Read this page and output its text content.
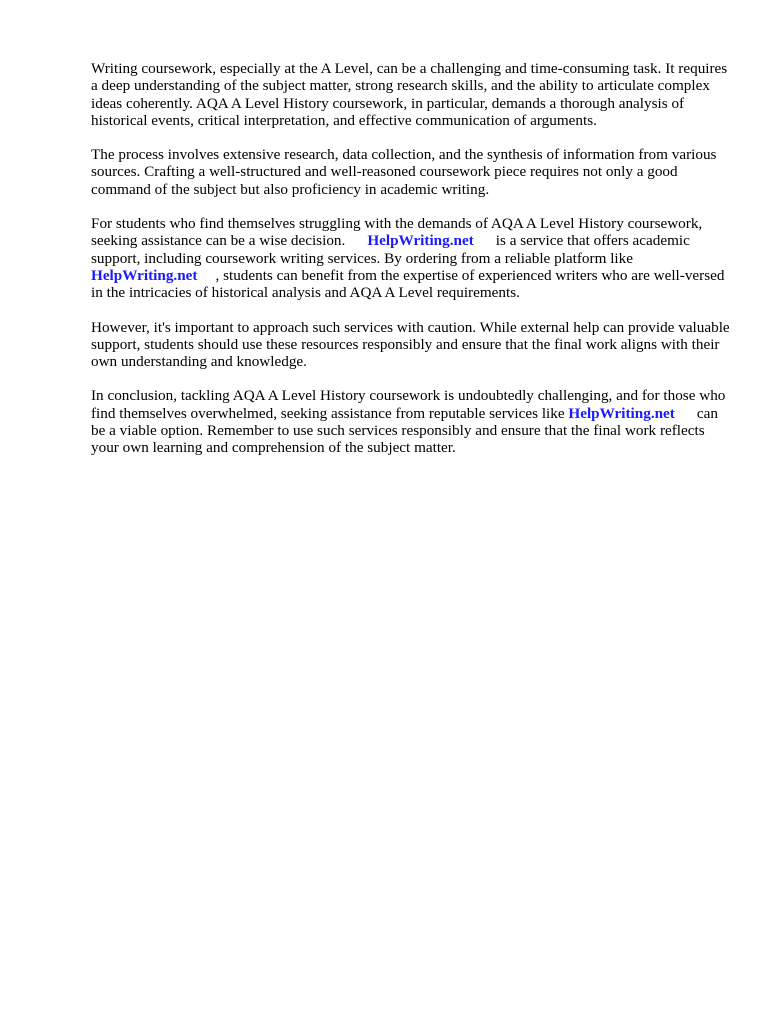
Writing coursework, especially at the A Level, can be a challenging and time-consuming task. It requires a deep understanding of the subject matter, strong research skills, and the ability to articulate complex ideas coherently. AQA A Level History coursework, in particular, demands a thorough analysis of historical events, critical interpretation, and effective communication of arguments.

The process involves extensive research, data collection, and the synthesis of information from various sources. Crafting a well-structured and well-reasoned coursework piece requires not only a good command of the subject but also proficiency in academic writing.

For students who find themselves struggling with the demands of AQA A Level History coursework, seeking assistance can be a wise decision. HelpWriting.net is a service that offers academic support, including coursework writing services. By ordering from a reliable platform like HelpWriting.net , students can benefit from the expertise of experienced writers who are well-versed in the intricacies of historical analysis and AQA A Level requirements.

However, it's important to approach such services with caution. While external help can provide valuable support, students should use these resources responsibly and ensure that the final work aligns with their own understanding and knowledge.

In conclusion, tackling AQA A Level History coursework is undoubtedly challenging, and for those who find themselves overwhelmed, seeking assistance from reputable services like HelpWriting.net can be a viable option. Remember to use such services responsibly and ensure that the final work reflects your own learning and comprehension of the subject matter.
